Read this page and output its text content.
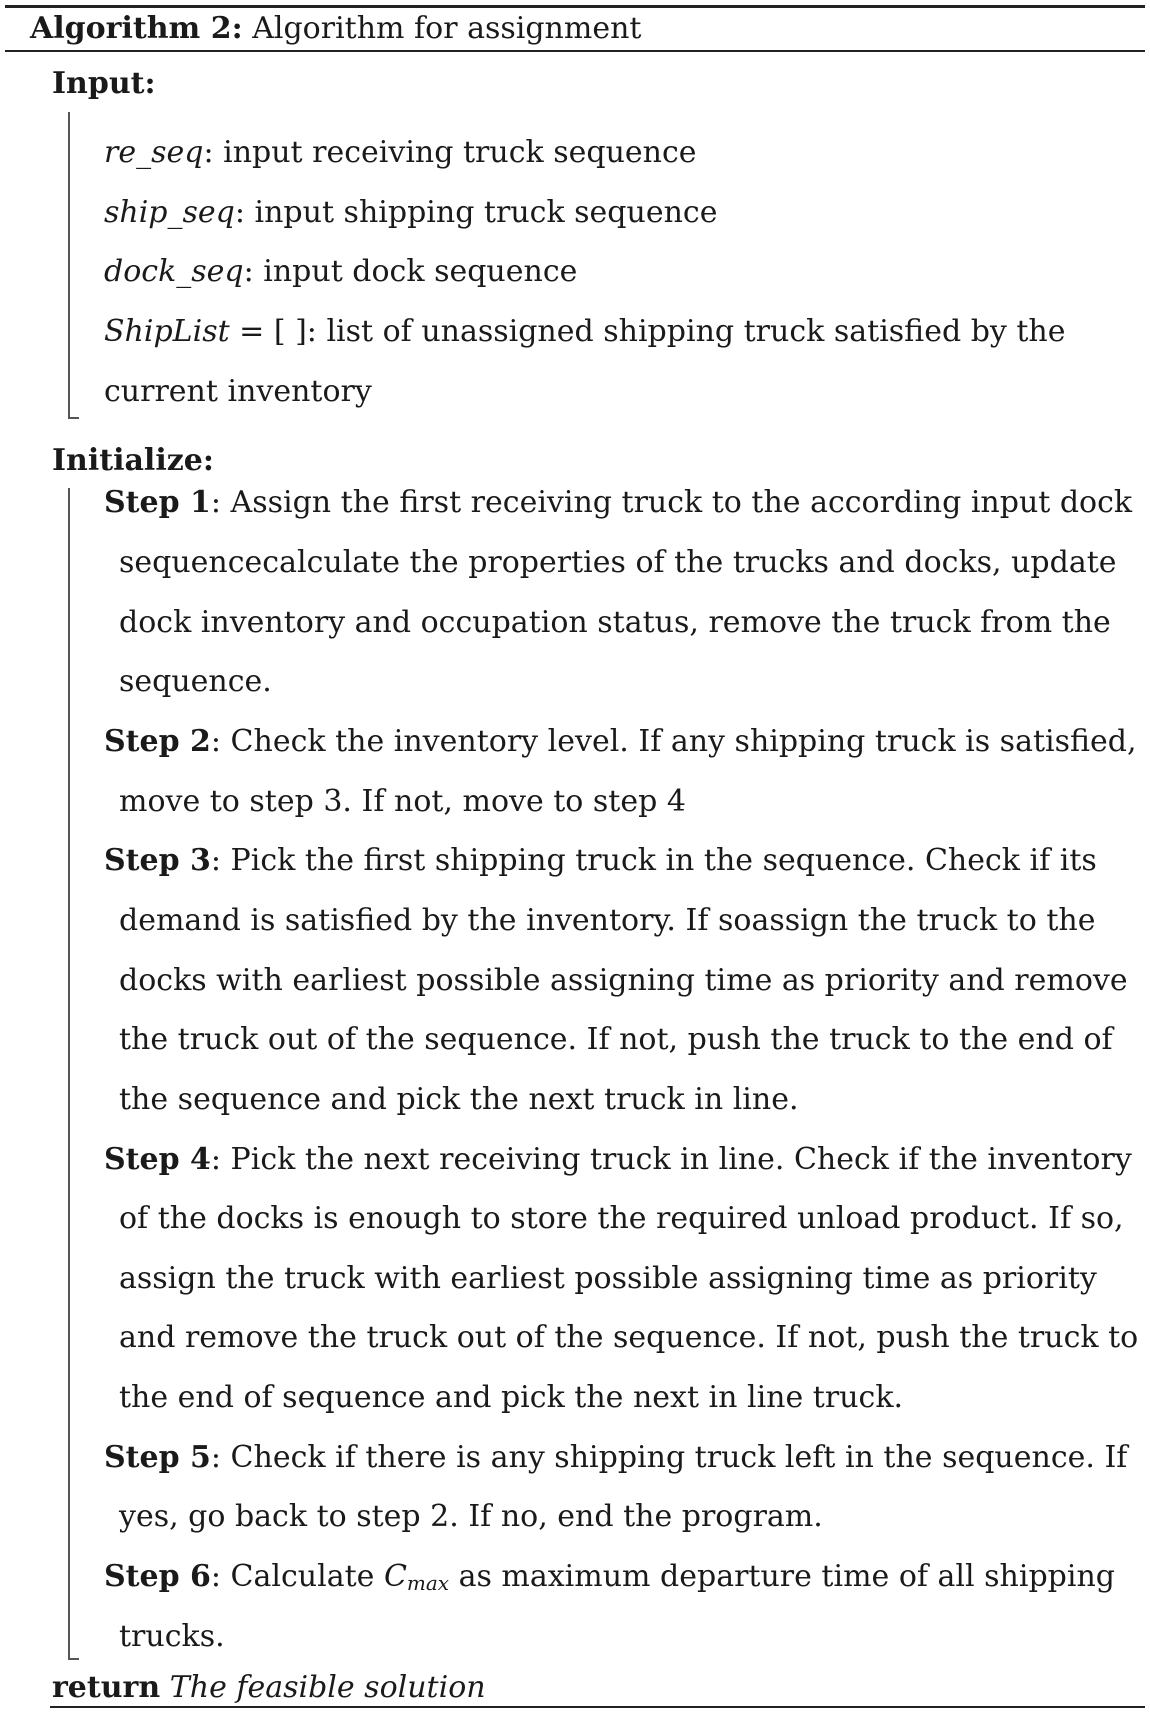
Algorithm 2: Algorithm for assignment
Input:
re_seq: input receiving truck sequence
ship_seq: input shipping truck sequence
dock_seq: input dock sequence
ShipList = [ ]: list of unassigned shipping truck satisfied by the
current inventory
Initialize:
Step 1: Assign the first receiving truck to the according input dock
sequencecalculate the properties of the trucks and docks, update
dock inventory and occupation status, remove the truck from the
sequence.
Step 2: Check the inventory level. If any shipping truck is satisfied,
move to step 3. If not, move to step 4
Step 3: Pick the first shipping truck in the sequence. Check if its
demand is satisfied by the inventory. If soassign the truck to the
docks with earliest possible assigning time as priority and remove
the truck out of the sequence. If not, push the truck to the end of
the sequence and pick the next truck in line.
Step 4: Pick the next receiving truck in line. Check if the inventory
of the docks is enough to store the required unload product. If so,
assign the truck with earliest possible assigning time as priority
and remove the truck out of the sequence. If not, push the truck to
the end of sequence and pick the next in line truck.
Step 5: Check if there is any shipping truck left in the sequence. If
yes, go back to step 2. If no, end the program.
Step 6: Calculate $C_{max}$ as maximum departure time of all shipping
trucks.
return The feasible solution
